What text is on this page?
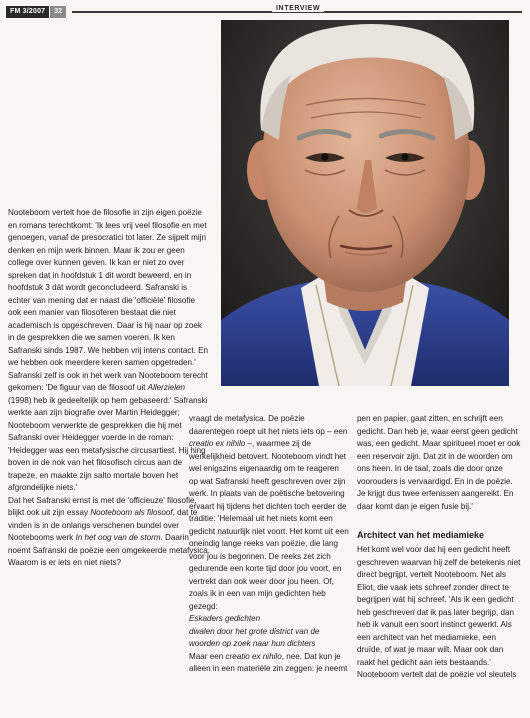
FM 3/2007	32	INTERVIEW

Nooteboom vertelt hoe de filosofie in zijn eigen poëzie en romans terechtkomt: 'Ik lees vrij veel filosofie en met genoegen, vanaf de presocratici tot later. Ze sijpelt mijn denken en mijn werk binnen. Maar ik zou er geen college over kunnen geven. Ik kan er niet zo over spreken dat in hoofdstuk 1 dit wordt beweerd, en in hoofdstuk 3 dát wordt geconcludeerd. Safranski is echter van mening dat er naast die 'officiële' filosofie ook een manier van filosoferen bestaat die niet academisch is opgeschreven. Daar is hij naar op zoek in de gesprekken die we samen voeren. Ik ken Safranski sinds 1987. We hebben vrij intens contact. En we hebben ook meerdere keren samen opgetreden.'

Safranski zelf is ook in het werk van Nooteboom terecht gekomen: 'De figuur van de filosoof uit Allerzielen (1998) heb ik gedeeltelijk op hem gebaseerd.' Safranski werkte aan zijn biografie over Martin Heidegger; Nooteboom verwerkte de gesprekken die hij met Safranski over Heidegger voerde in de roman: 'Heidegger was een metafysische circusartiest. Hij hing boven in de nok van het filosofisch circus aan de trapeze, en maakte zijn salto mortale boven het afgrondelijke niets.'

Dat het Safranski ernst is met de 'officieuze' filosofie, blijkt ook uit zijn essay Nooteboom als filosoof, dat te vinden is in de onlangs verschenen bundel over Nootebooms werk In het oog van de storm. Daarin noemt Safranski de poëzie een omgekeerde metafysica. Waarom is er iets en niet niets?

vraagt de metafysica. De poëzie daarentegen roept uit het niets iets op – een creatio ex nihilo –, waarmee zij de werkelijkheid betovert. Nooteboom vindt het wel enigszins eigenaardig om te reageren op wat Safranski heeft geschreven over zijn werk. In plaats van de poëtische betovering ervaart hij tijdens het dichten toch eerder de traditie: 'Helemaal uit het niets komt een gedicht natuurlijk niet voort. Het komt uit een oneindig lange reeks van poëzie, die lang voor jou is begonnen. De reeks zet zich gedurende een korte tijd door jou voort, en vertrekt dan ook weer door jou heen. Of, zoals ik in een van mijn gedichten heb gezegd:

Eskaders gedichten

dwalen door het grote district van de woorden op zoek naar hun dichters

Maar een creatio ex nihilo, nee. Dat kun je alleen in een materiële zin zeggen: je neemt

pen en papier, gaat zitten, en schrijft een gedicht. Dan heb je, waar eerst geen gedicht was, een gedicht. Maar spiritueel moet er ook een reservoir zijn. Dat zit in de woorden om ons heen. In de taal, zoals die door onze voorouders is vervaardigd. En in de poëzie. Je krijgt dus twee erfenissen aangereikt. En daar komt dan je eigen fusie bij.'

Architect van het mediamieke

Het komt wel voor dat hij een gedicht heeft geschreven waarvan hij zelf de betekenis niet direct begrijpt, vertelt Nooteboom. Net als Eliot, die vaak iets schreef zonder direct te begrijpen wát hij schreef. 'Als ik een gedicht heb geschreven dat ik pas later begrijp, dan heb ik vanuit een soort instinct gewerkt. Als een architect van het mediamieke, een druïde, of wat je maar wilt. Maar ook dan raakt het gedicht aan iets bestaands.'

Nooteboom vertelt dat de poëzie vol sleutels
